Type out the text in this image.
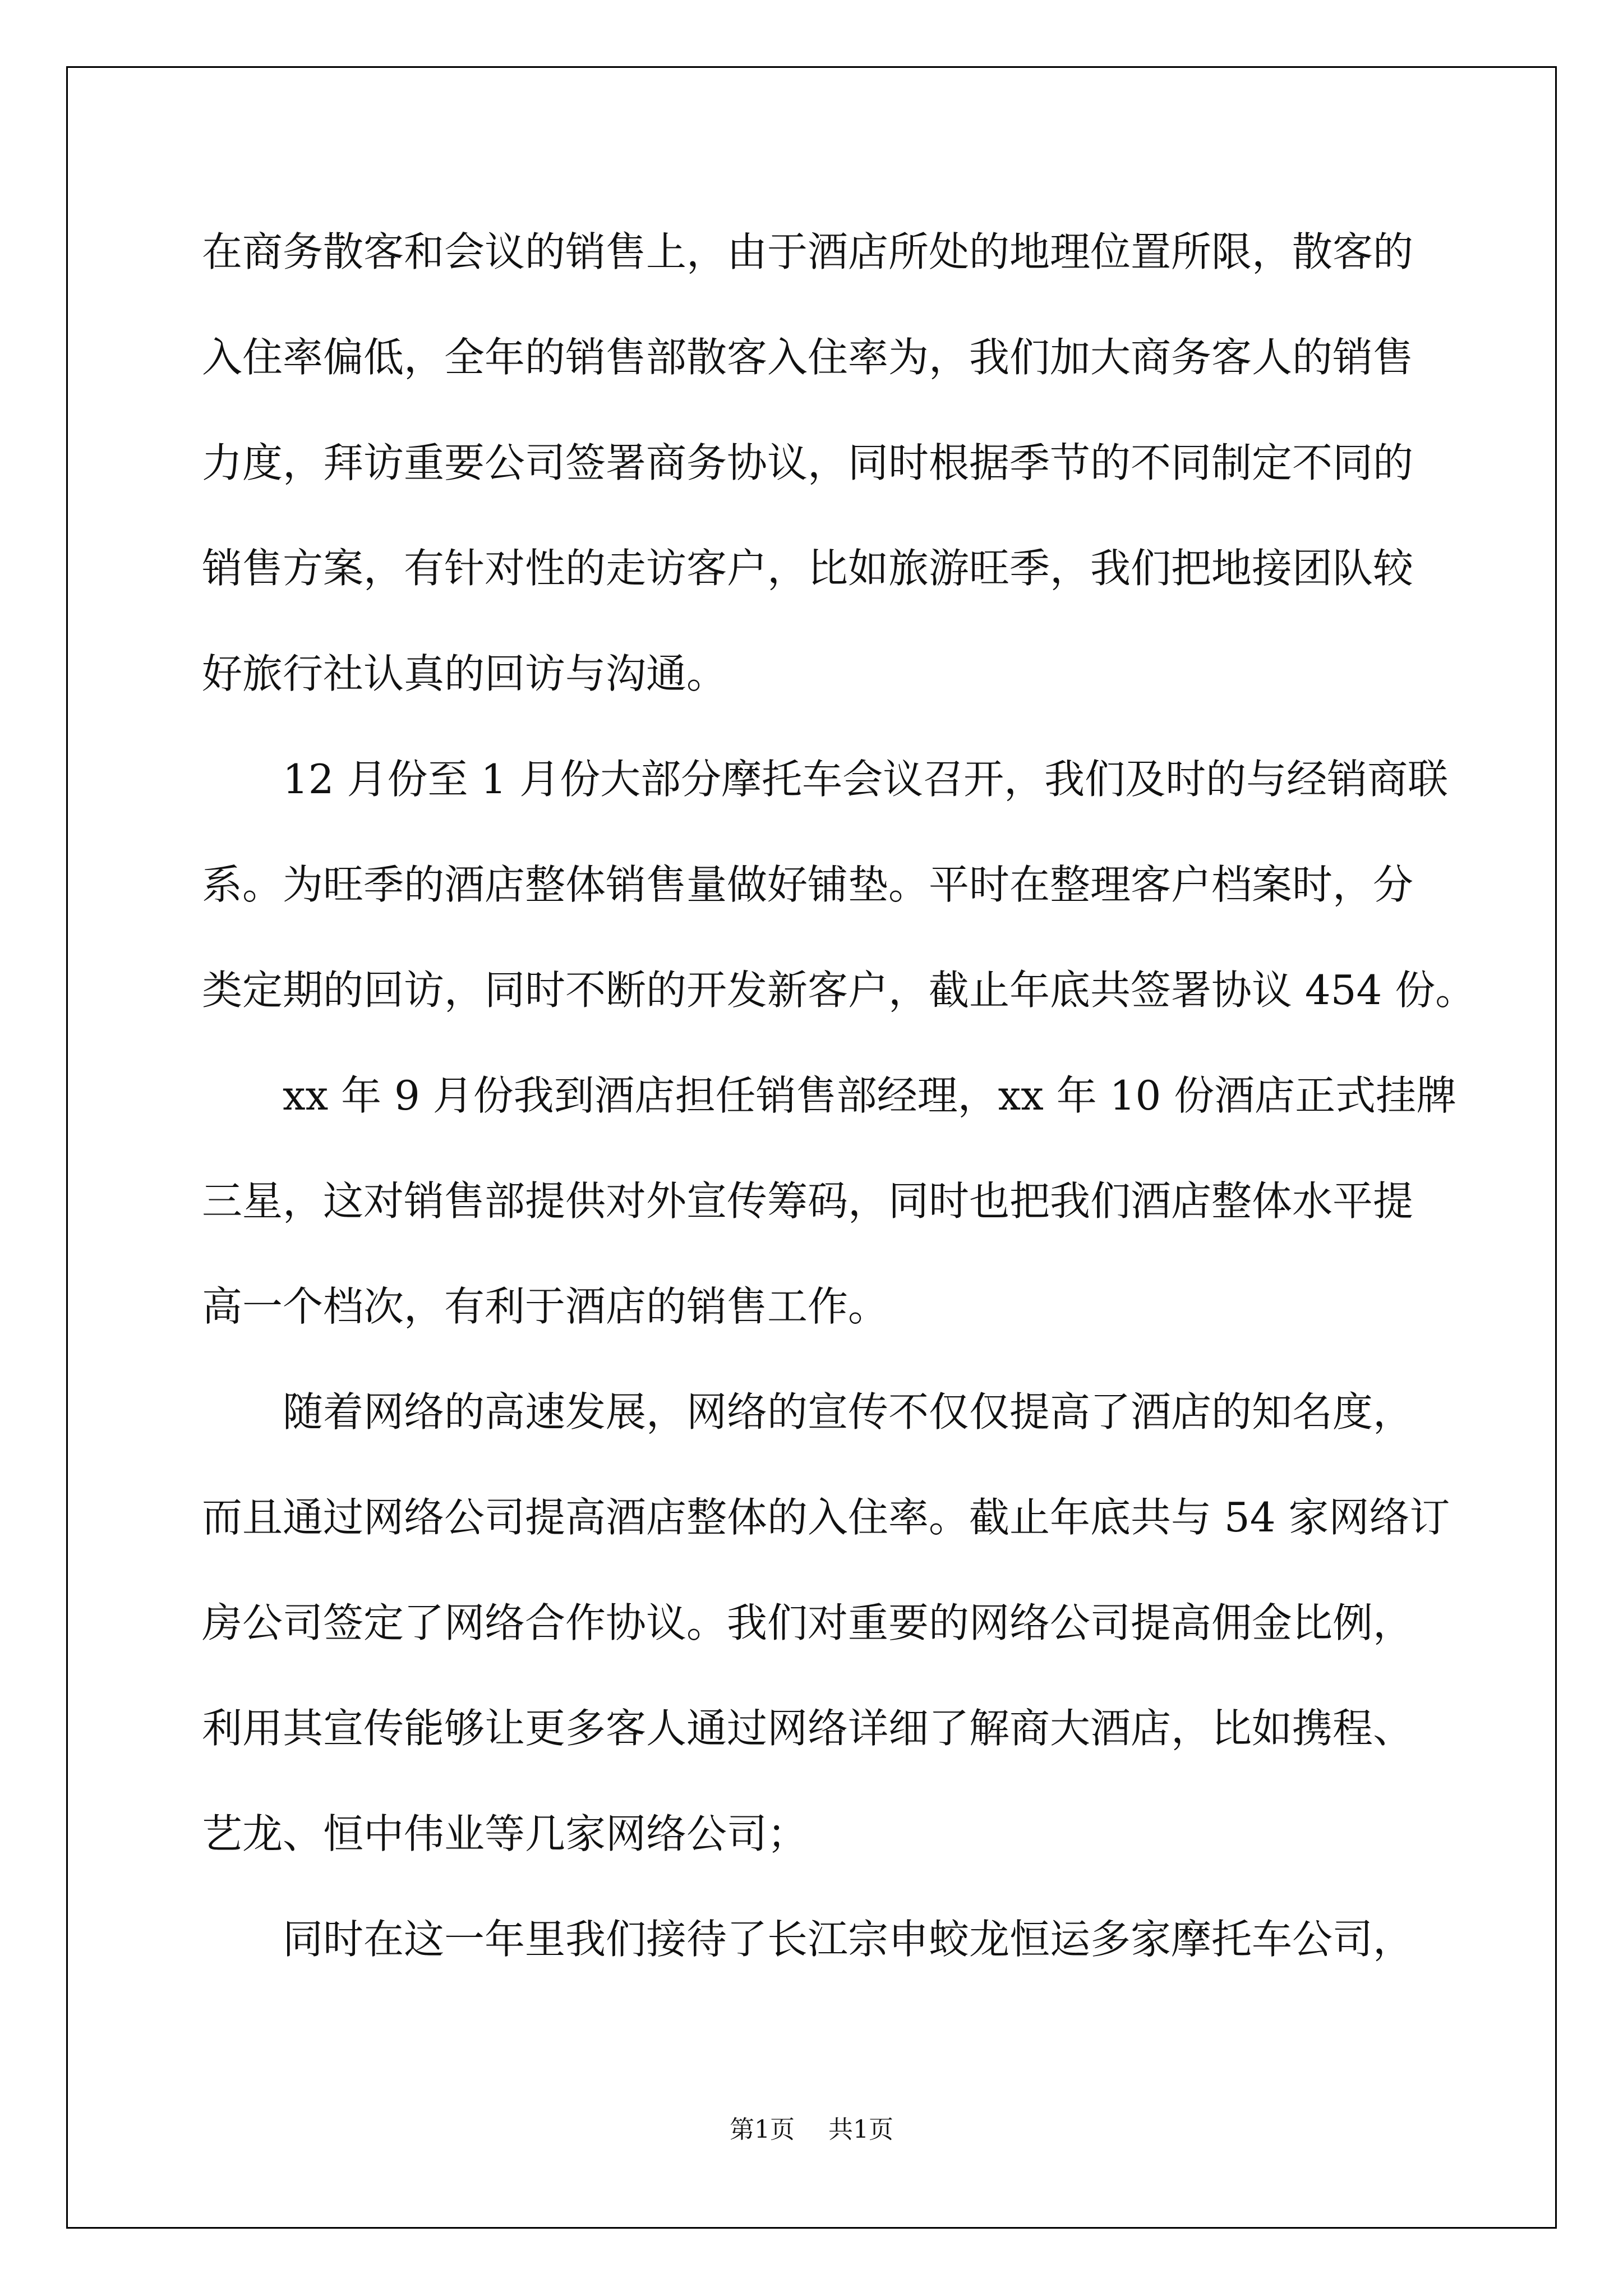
在商务散客和会议的销售上，由于酒店所处的地理位置所限，散客的
入住率偏低，全年的销售部散客入住率为，我们加大商务客人的销售
力度，拜访重要公司签署商务协议，同时根据季节的不同制定不同的
销售方案，有针对性的走访客户，比如旅游旺季，我们把地接团队较
好旅行社认真的回访与沟通。
12 月份至 1 月份大部分摩托车会议召开，我们及时的与经销商联
系。为旺季的酒店整体销售量做好铺垫。平时在整理客户档案时，分
类定期的回访，同时不断的开发新客户，截止年底共签署协议 454 份。
xx 年 9 月份我到酒店担任销售部经理，xx 年 10 份酒店正式挂牌
三星，这对销售部提供对外宣传筹码，同时也把我们酒店整体水平提
高一个档次，有利于酒店的销售工作。
随着网络的高速发展，网络的宣传不仅仅提高了酒店的知名度，
而且通过网络公司提高酒店整体的入住率。截止年底共与 54 家网络订
房公司签定了网络合作协议。我们对重要的网络公司提高佣金比例，
利用其宣传能够让更多客人通过网络详细了解商大酒店，比如携程、
艺龙、恒中伟业等几家网络公司；
同时在这一年里我们接待了长江宗申蛟龙恒运多家摩托车公司，
第1页 共1页
